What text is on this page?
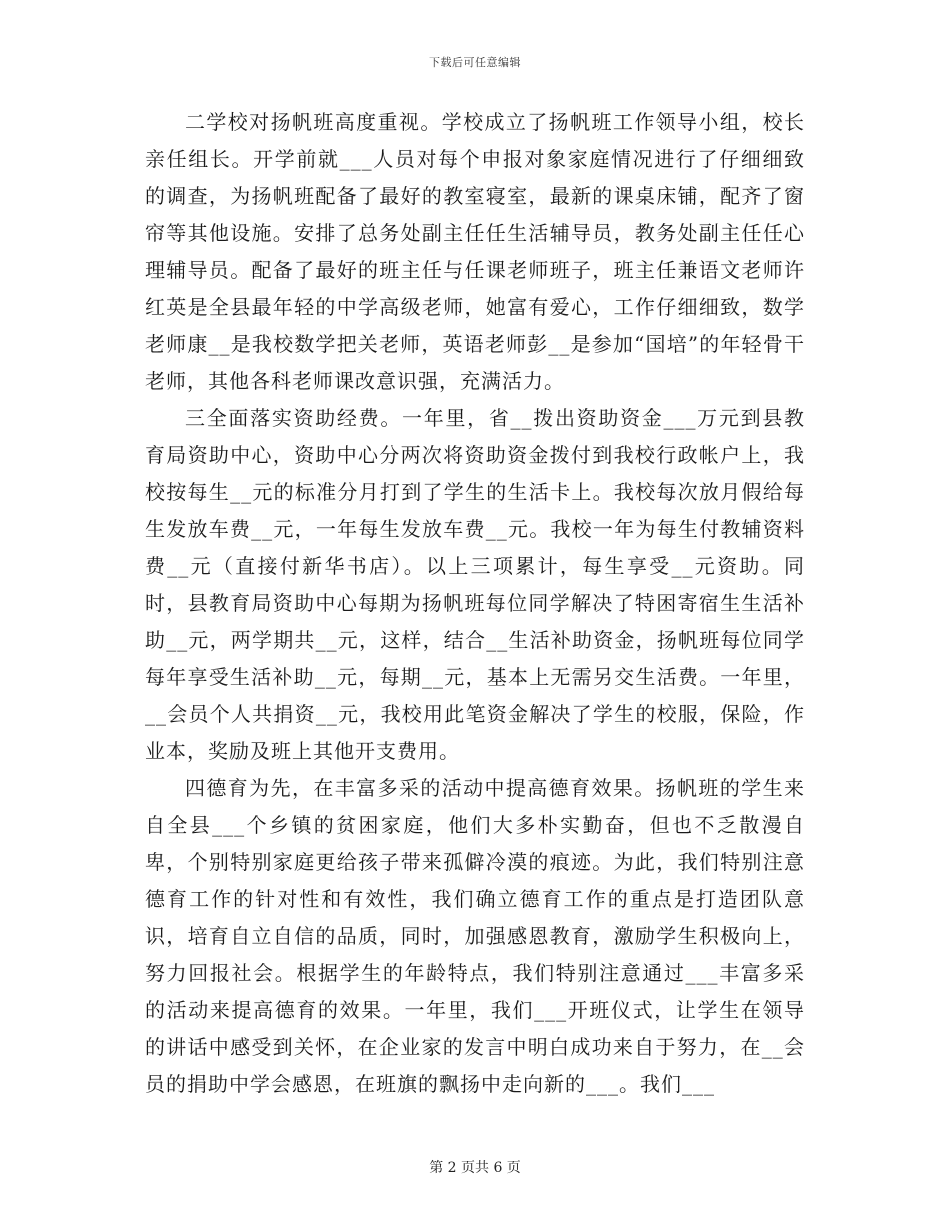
下载后可任意编辑

二学校对扬帆班高度重视。学校成立了扬帆班工作领导小组，校长亲任组长。开学前就___人员对每个申报对象家庭情况进行了仔细细致的调查，为扬帆班配备了最好的教室寝室，最新的课桌床铺，配齐了窗帘等其他设施。安排了总务处副主任任生活辅导员，教务处副主任任心理辅导员。配备了最好的班主任与任课老师班子，班主任兼语文老师许红英是全县最年轻的中学高级老师，她富有爱心，工作仔细细致，数学老师康__是我校数学把关老师，英语老师彭__是参加“国培”的年轻骨干老师，其他各科老师课改意识强，充满活力。

三全面落实资助经费。一年里，省__拨出资助资金___万元到县教育局资助中心，资助中心分两次将资助资金拨付到我校行政帐户上，我校按每生__元的标准分月打到了学生的生活卡上。我校每次放月假给每生发放车费__元，一年每生发放车费__元。我校一年为每生付教辅资料费__元（直接付新华书店）。以上三项累计，每生享受__元资助。同时，县教育局资助中心每期为扬帆班每位同学解决了特困寄宿生生活补助__元，两学期共__元，这样，结合__生活补助资金，扬帆班每位同学每年享受生活补助__元，每期__元，基本上无需另交生活费。一年里，__会员个人共捐资__元，我校用此笔资金解决了学生的校服，保险，作业本，奖励及班上其他开支费用。

四德育为先，在丰富多采的活动中提高德育效果。扬帆班的学生来自全县___个乡镇的贫困家庭，他们大多朴实勤奋，但也不乏散漫自卑，个别特别家庭更给孩子带来孤僻冷漠的痕迹。为此，我们特别注意德育工作的针对性和有效性，我们确立德育工作的重点是打造团队意识，培育自立自信的品质，同时，加强感恩教育，激励学生积极向上，努力回报社会。根据学生的年龄特点，我们特别注意通过___丰富多采的活动来提高德育的效果。一年里，我们___开班仪式，让学生在领导的讲话中感受到关怀，在企业家的发言中明白成功来自于努力，在__会员的捐助中学会感恩，在班旗的飘扬中走向新的___。我们___

第 2 页共 6 页
